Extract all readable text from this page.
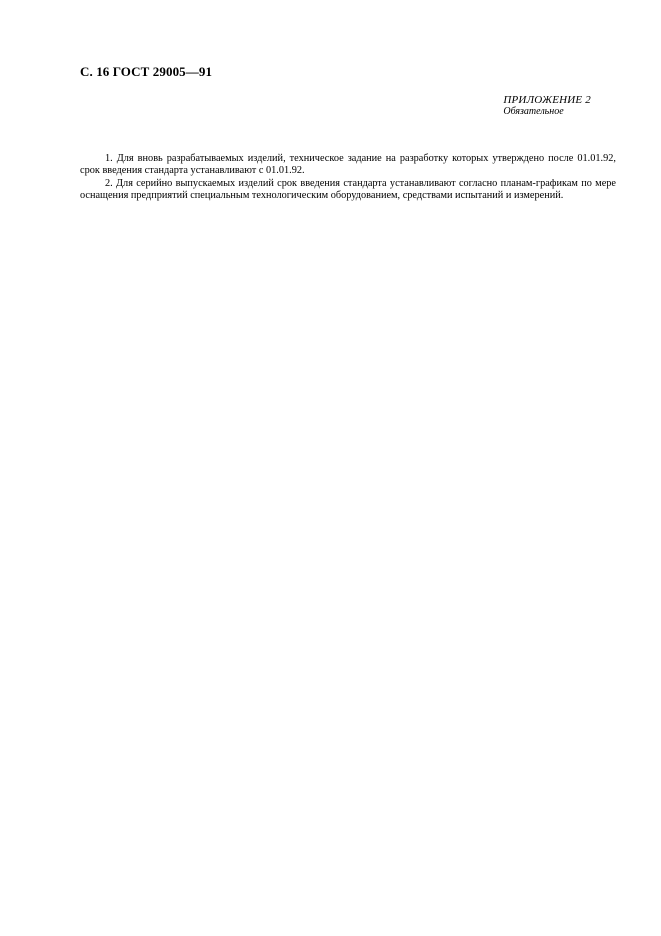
С. 16 ГОСТ 29005—91
ПРИЛОЖЕНИЕ 2
Обязательное

1. Для вновь разрабатываемых изделий, техническое задание на разработку которых утверждено после 01.01.92, срок введения стандарта устанавливают с 01.01.92.

2. Для серийно выпускаемых изделий срок введения стандарта устанавливают согласно планам-графикам по мере оснащения предприятий специальным технологическим оборудованием, средствами испытаний и измерений.
